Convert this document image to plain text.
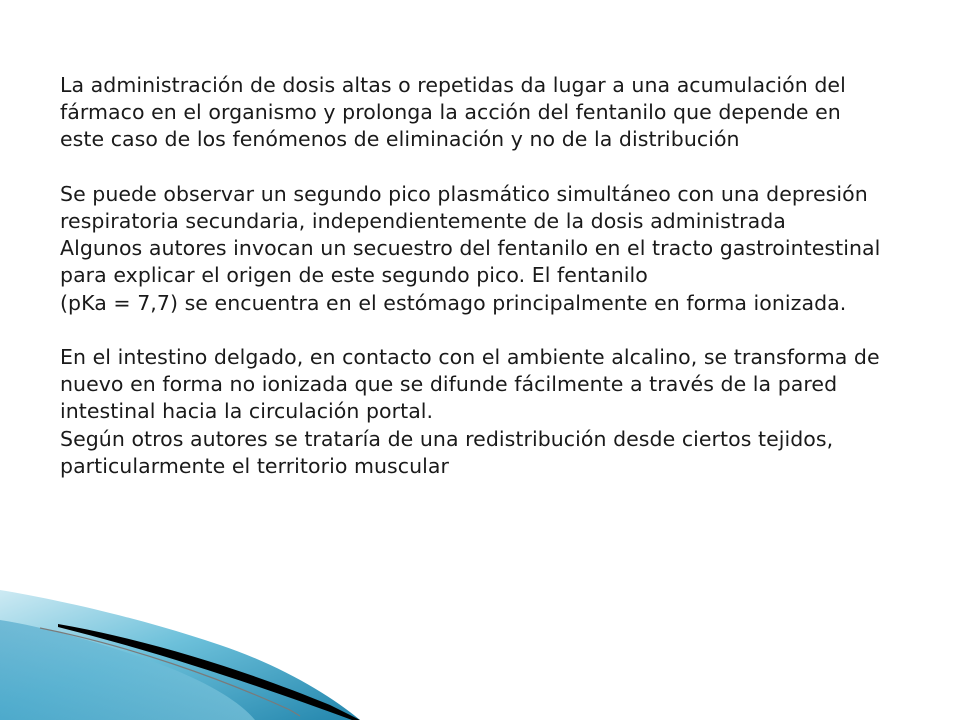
La administración de dosis altas o repetidas da lugar a una acumulación del fármaco en el organismo y prolonga la acción del fentanilo que depende en este caso de los fenómenos de eliminación y no de la distribución

Se puede observar un segundo pico plasmático simultáneo con una depresión respiratoria secundaria, independientemente de la dosis administrada

Algunos autores invocan un secuestro del fentanilo en el tracto gastrointestinal para explicar el origen de este segundo pico. El fentanilo

(pKa = 7,7) se encuentra en el estómago principalmente en forma ionizada.

En el intestino delgado, en contacto con el ambiente alcalino, se transforma de nuevo en forma no ionizada que se difunde fácilmente a través de la pared intestinal hacia la circulación portal.

Según otros autores se trataría de una redistribución desde ciertos tejidos, particularmente el territorio muscular
